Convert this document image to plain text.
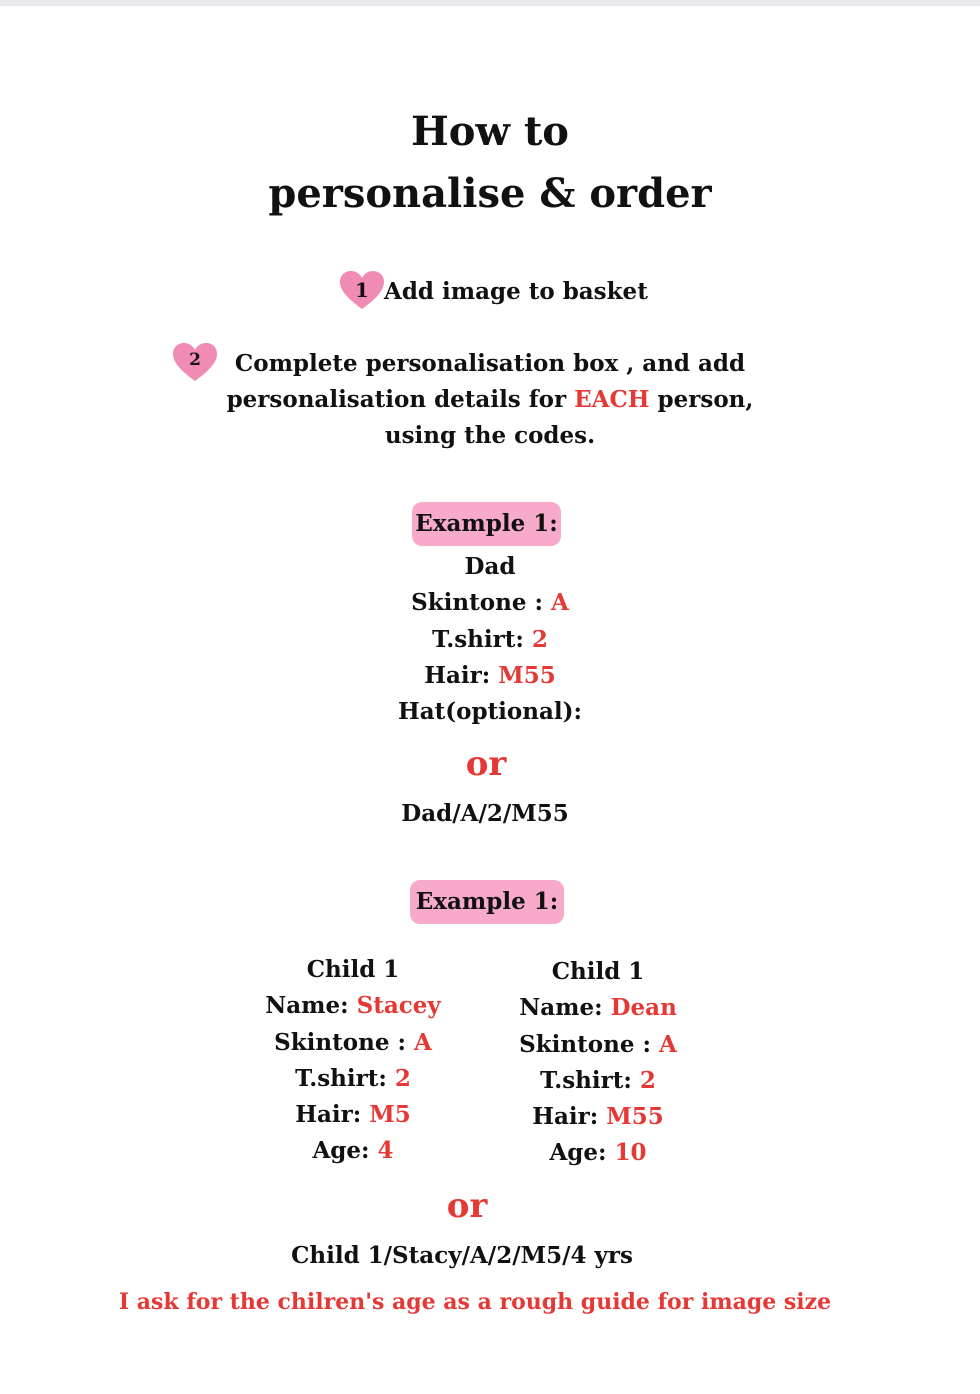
How to
personalise & order
1 Add image to basket
2	Complete personalisation box , and add
personalisation details for EACH person,
using the codes.
Example 1:
Dad
Skintone : A
T.shirt: 2
Hair: M55
Hat(optional):
or
Dad/A/2/M55
Example 1:
Child 1
Name: Stacey
Skintone : A
T.shirt: 2
Hair: M5
Age: 4
Child 1
Name: Dean
Skintone : A
T.shirt: 2
Hair: M55
Age: 10
or
Child 1/Stacy/A/2/M5/4 yrs
I ask for the chilren's age as a rough guide for image size
